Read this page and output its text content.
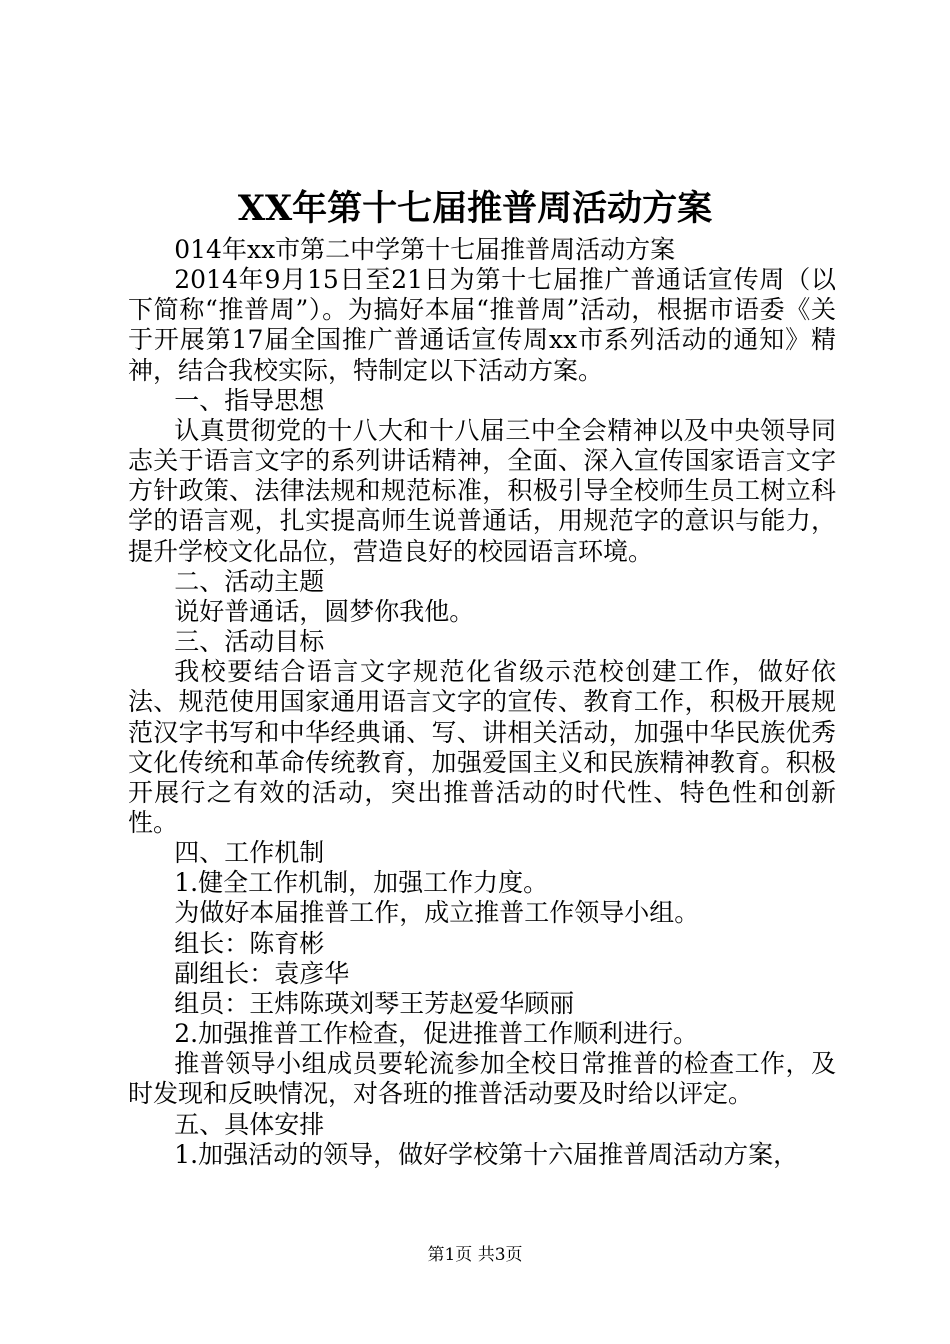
XX年第十七届推普周活动方案

014年xx市第二中学第十七届推普周活动方案

2014年9月15日至21日为第十七届推广普通话宣传周（以下简称“推普周”）。为搞好本届“推普周”活动，根据市语委《关于开展第17届全国推广普通话宣传周xx市系列活动的通知》精神，结合我校实际，特制定以下活动方案。

一、指导思想

认真贯彻党的十八大和十八届三中全会精神以及中央领导同志关于语言文字的系列讲话精神，全面、深入宣传国家语言文字方针政策、法律法规和规范标准，积极引导全校师生员工树立科学的语言观，扎实提高师生说普通话，用规范字的意识与能力，提升学校文化品位，营造良好的校园语言环境。

二、活动主题

说好普通话，圆梦你我他。

三、活动目标

我校要结合语言文字规范化省级示范校创建工作，做好依法、规范使用国家通用语言文字的宣传、教育工作，积极开展规范汉字书写和中华经典诵、写、讲相关活动，加强中华民族优秀文化传统和革命传统教育，加强爱国主义和民族精神教育。积极开展行之有效的活动，突出推普活动的时代性、特色性和创新性。

四、工作机制

1.健全工作机制，加强工作力度。

为做好本届推普工作，成立推普工作领导小组。

组长：陈育彬

副组长：袁彦华

组员：王炜陈瑛刘琴王芳赵爱华顾丽

2.加强推普工作检查，促进推普工作顺利进行。

推普领导小组成员要轮流参加全校日常推普的检查工作，及时发现和反映情况，对各班的推普活动要及时给以评定。

五、具体安排

1.加强活动的领导，做好学校第十六届推普周活动方案，

第1页 共3页
